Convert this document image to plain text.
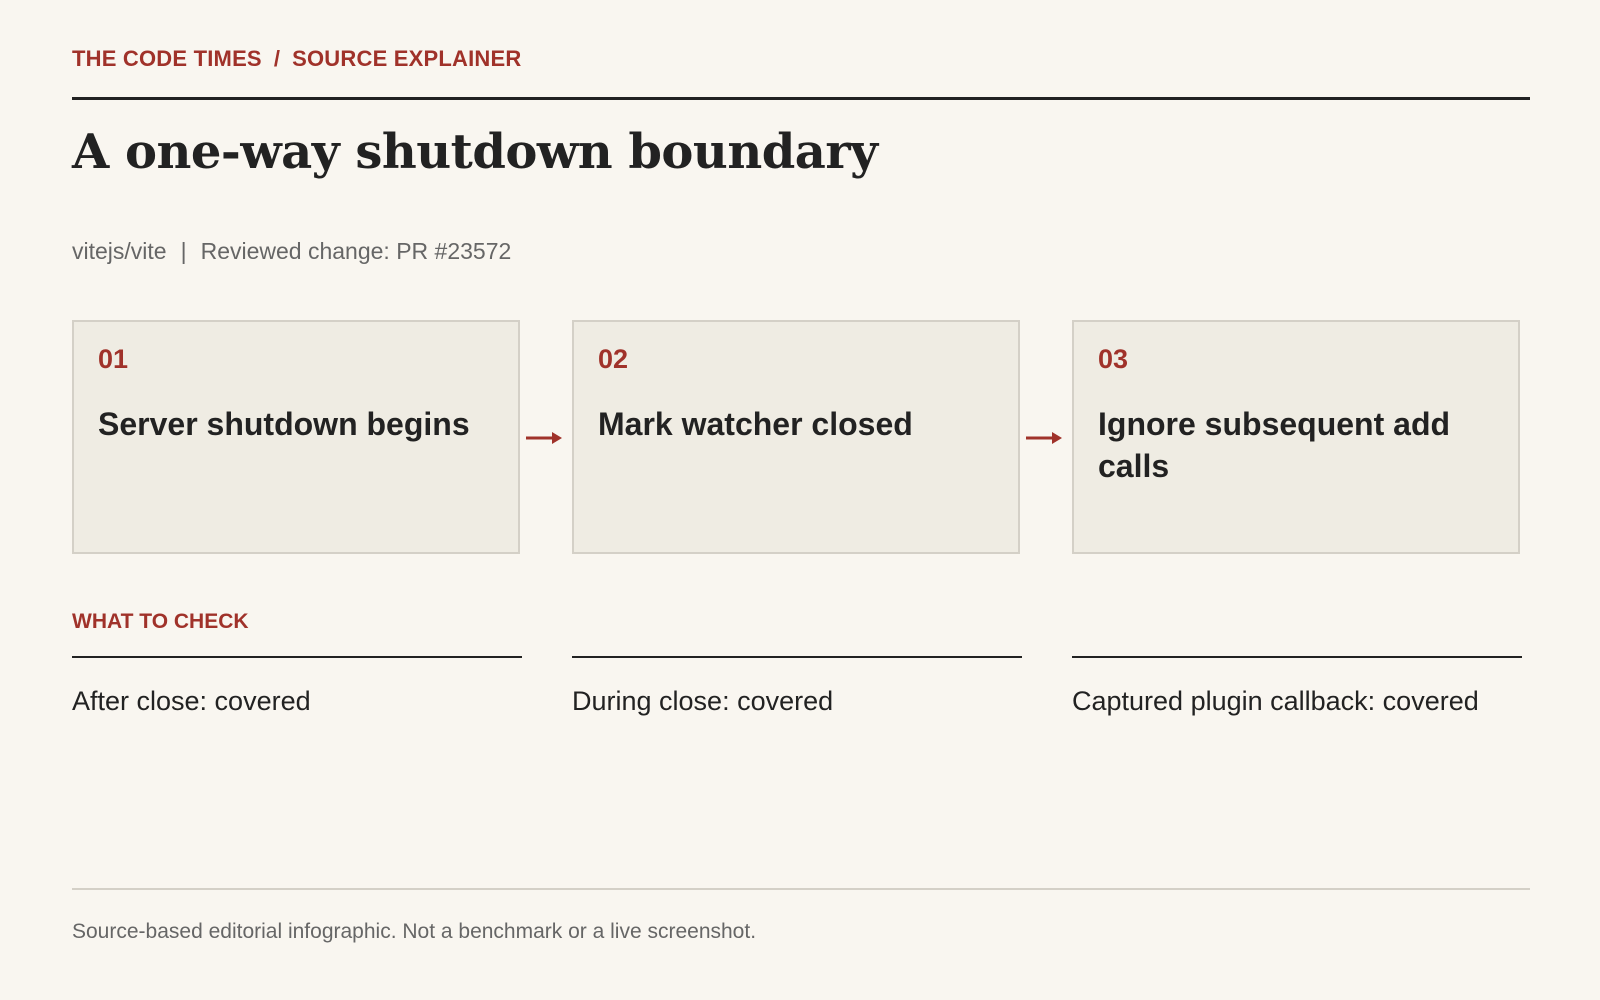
THE CODE TIMES / SOURCE EXPLAINER
A one-way shutdown boundary
vitejs/vite | Reviewed change: PR #23572
01
Server shutdown begins
02
Mark watcher closed
03
Ignore subsequent add calls
WHAT TO CHECK
After close: covered	During close: covered	Captured plugin callback: covered
Source-based editorial infographic. Not a benchmark or a live screenshot.
